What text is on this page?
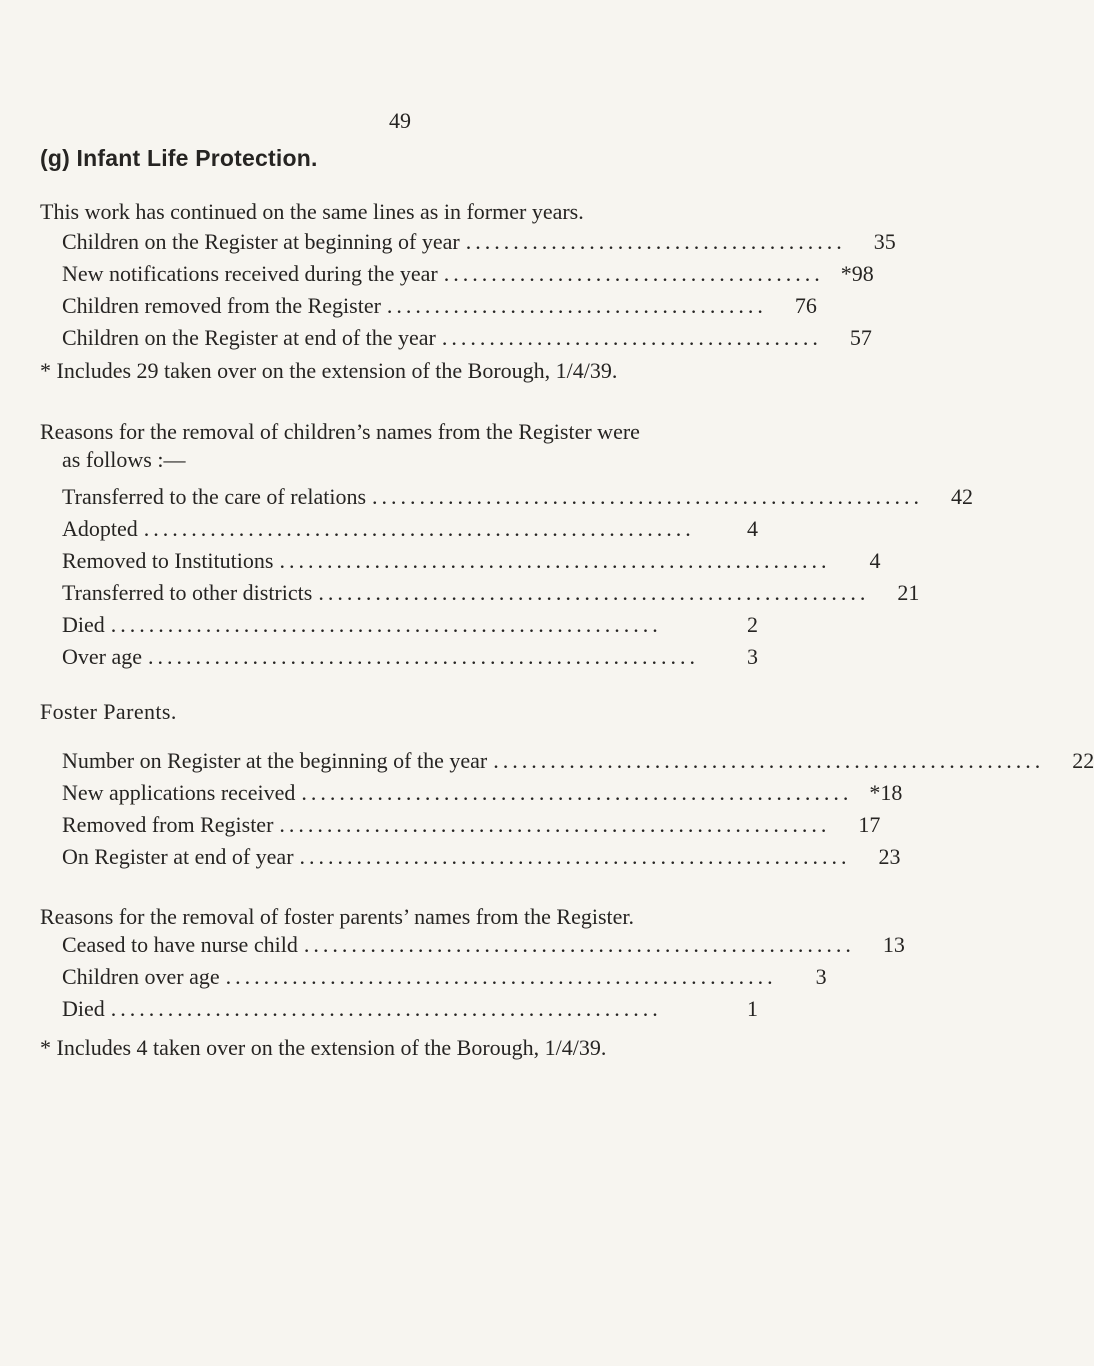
49
(g) Infant Life Protection.
This work has continued on the same lines as in former years.
Children on the Register at beginning of year ........................................	35
New notifications received during the year ........................................ *98
Children removed from the Register ........................................	76
Children on the Register at end of the year ........................................	57
* Includes 29 taken over on the extension of the Borough, 1/4/39.
Reasons for the removal of children’s names from the Register were
as follows :—
Transferred to the care of relations ..........................................................	42
Adopted ..........................................................	4
Removed to Institutions ..........................................................	4
Transferred to other districts ..........................................................	21
Died ..........................................................	2
Over age ..........................................................	3
Foster Parents.
Number on Register at the beginning of the year ..........................................................	22
New applications received .......................................................... *18
Removed from Register ..........................................................	17
On Register at end of year ..........................................................	23
Reasons for the removal of foster parents’ names from the Register.
Ceased to have nurse child ..........................................................	13
Children over age ..........................................................	3
Died ..........................................................	1
* Includes 4 taken over on the extension of the Borough, 1/4/39.
